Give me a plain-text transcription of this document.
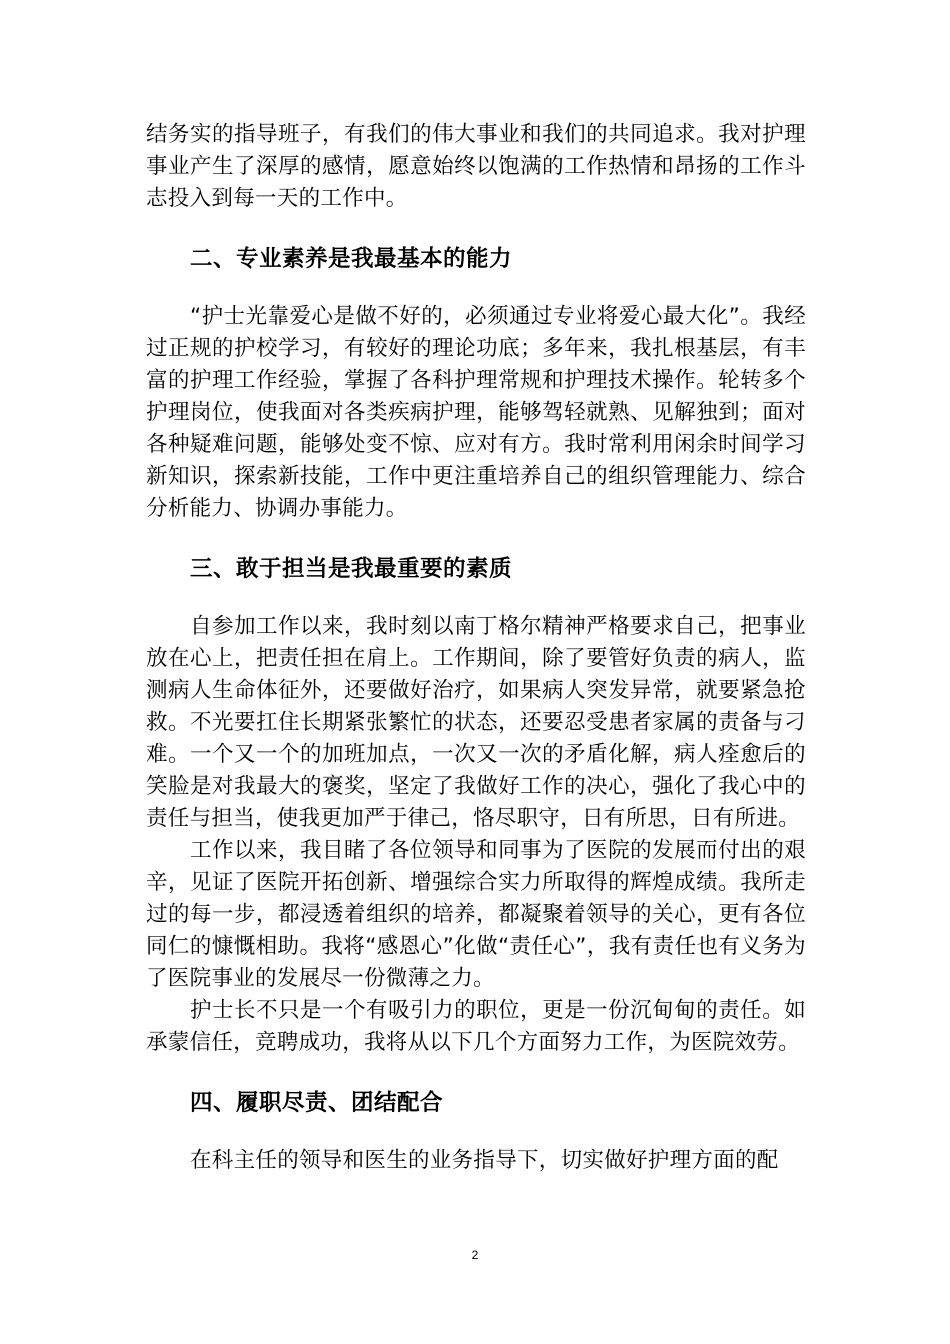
结务实的指导班子，有我们的伟大事业和我们的共同追求。我对护理事业产生了深厚的感情，愿意始终以饱满的工作热情和昂扬的工作斗志投入到每一天的工作中。

二、专业素养是我最基本的能力

“护士光靠爱心是做不好的，必须通过专业将爱心最大化”。我经过正规的护校学习，有较好的理论功底；多年来，我扎根基层，有丰富的护理工作经验，掌握了各科护理常规和护理技术操作。轮转多个护理岗位，使我面对各类疾病护理，能够驾轻就熟、见解独到；面对各种疑难问题，能够处变不惊、应对有方。我时常利用闲余时间学习新知识，探索新技能，工作中更注重培养自己的组织管理能力、综合分析能力、协调办事能力。

三、敢于担当是我最重要的素质

自参加工作以来，我时刻以南丁格尔精神严格要求自己，把事业放在心上，把责任担在肩上。工作期间，除了要管好负责的病人，监测病人生命体征外，还要做好治疗，如果病人突发异常，就要紧急抢救。不光要扛住长期紧张繁忙的状态，还要忍受患者家属的责备与刁难。一个又一个的加班加点，一次又一次的矛盾化解，病人痊愈后的笑脸是对我最大的褒奖，坚定了我做好工作的决心，强化了我心中的责任与担当，使我更加严于律己，恪尽职守，日有所思，日有所进。

工作以来，我目睹了各位领导和同事为了医院的发展而付出的艰辛，见证了医院开拓创新、增强综合实力所取得的辉煌成绩。我所走过的每一步，都浸透着组织的培养，都凝聚着领导的关心，更有各位同仁的慷慨相助。我将“感恩心”化做“责任心”，我有责任也有义务为了医院事业的发展尽一份微薄之力。

护士长不只是一个有吸引力的职位，更是一份沉甸甸的责任。如承蒙信任，竞聘成功，我将从以下几个方面努力工作，为医院效劳。

四、履职尽责、团结配合

在科主任的领导和医生的业务指导下，切实做好护理方面的配

2
